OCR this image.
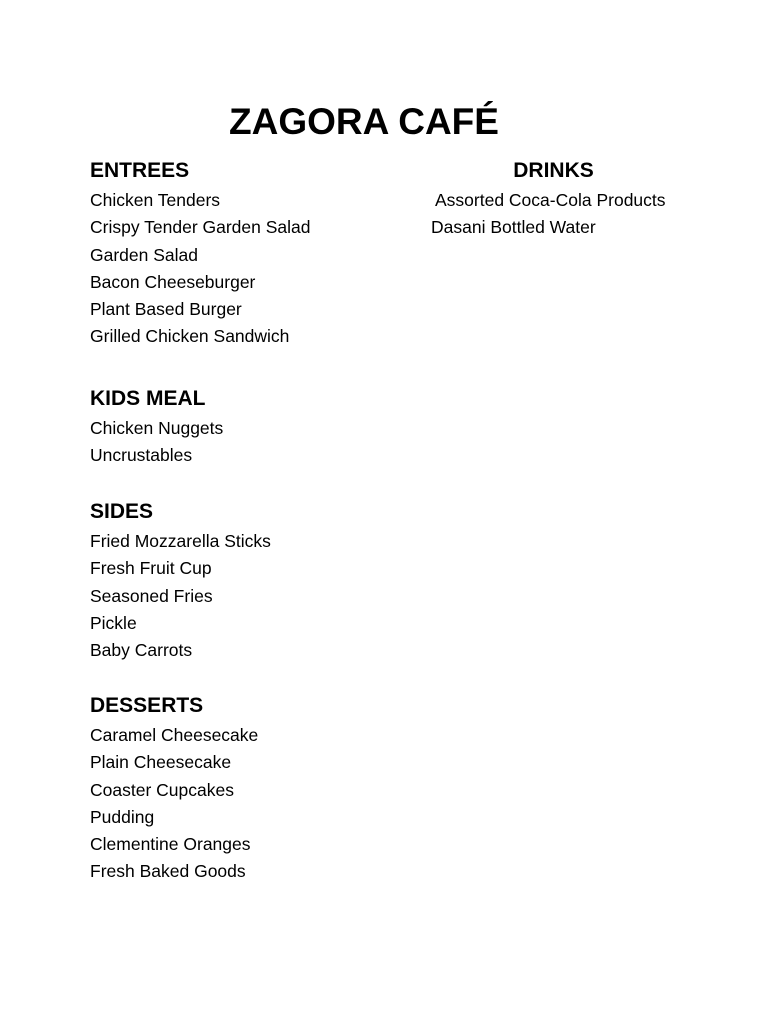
ZAGORA CAFÉ
ENTREES
Chicken Tenders
Crispy Tender Garden Salad
Garden Salad
Bacon Cheeseburger
Plant Based Burger
Grilled Chicken Sandwich
DRINKS
Assorted Coca-Cola Products
Dasani Bottled Water
KIDS MEAL
Chicken Nuggets
Uncrustables
SIDES
Fried Mozzarella Sticks
Fresh Fruit Cup
Seasoned Fries
Pickle
Baby Carrots
DESSERTS
Caramel Cheesecake
Plain Cheesecake
Coaster Cupcakes
Pudding
Clementine Oranges
Fresh Baked Goods
